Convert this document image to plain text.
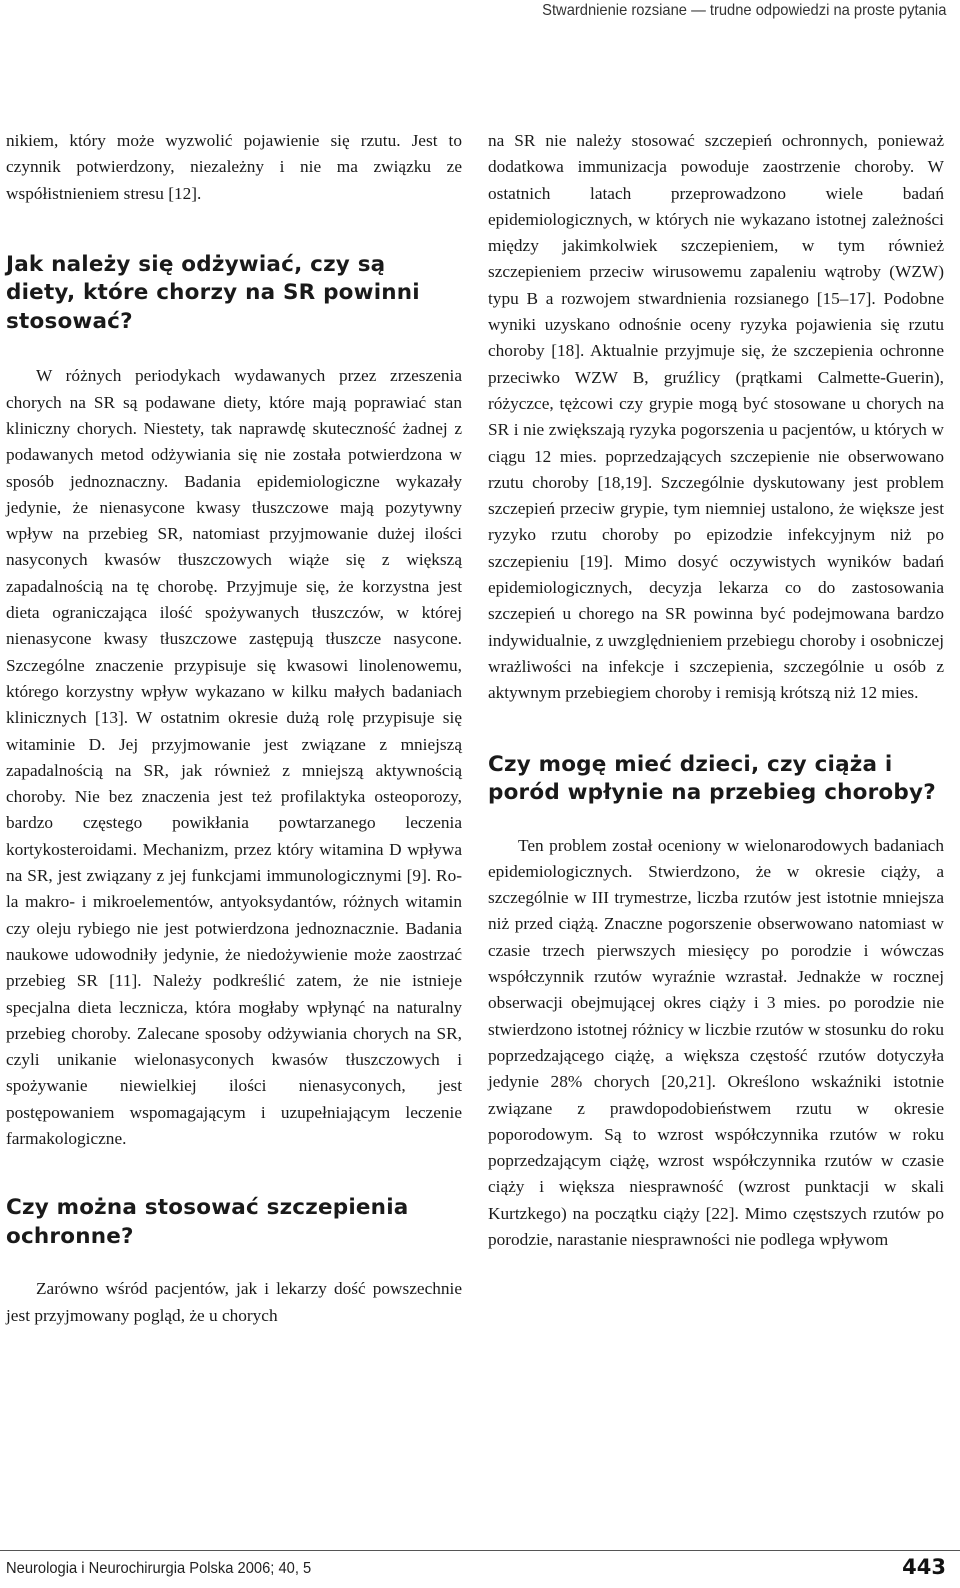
Stwardnienie rozsiane — trudne odpowiedzi na proste pytania

nikiem, który może wyzwolić pojawienie się rzutu. Jest to czynnik potwierdzony, niezależny i nie ma związku ze współistnieniem stresu [12].

Jak należy się odżywiać, czy są diety, które chorzy na SR powinni stosować?

W różnych periodykach wydawanych przez zrzeszenia chorych na SR są podawane diety, które mają poprawiać stan kliniczny chorych. Niestety, tak naprawdę skuteczność żadnej z podawanych metod odżywiania się nie została potwierdzona w sposób jednoznaczny. Badania epidemiologiczne wykazały jedynie, że nienasycone kwasy tłuszczowe mają pozytywny wpływ na przebieg SR, natomiast przyjmowanie dużej ilości nasyconych kwasów tłuszczowych wiąże się z większą zapadalnością na tę chorobę. Przyjmuje się, że korzystna jest dieta ograniczająca ilość spożywanych tłuszczów, w której nienasycone kwasy tłuszczowe zastępują tłuszcze nasycone. Szczególne znaczenie przypisuje się kwasowi linolenowemu, którego korzystny wpływ wykazano w kilku małych badaniach klinicznych [13]. W ostatnim okresie dużą rolę przypisuje się witaminie D. Jej przyjmowanie jest związane z mniejszą zapadalnością na SR, jak również z mniejszą aktywnością choroby. Nie bez znaczenia jest też profilaktyka osteoporozy, bardzo częstego powikłania powtarzanego leczenia kortykosteroidami. Mechanizm, przez który witamina D wpływa na SR, jest związany z jej funkcjami immunologicznymi [9]. Rola makro- i mikroelementów, antyoksydantów, różnych witamin czy oleju rybiego nie jest potwierdzona jednoznacznie. Badania naukowe udowodniły jedynie, że niedożywienie może zaostrzać przebieg SR [11]. Należy podkreślić zatem, że nie istnieje specjalna dieta lecznicza, która mogłaby wpłynąć na naturalny przebieg choroby. Zalecane sposoby odżywiania chorych na SR, czyli unikanie wielonasyconych kwasów tłuszczowych i spożywanie niewielkiej ilości nienasyconych, jest postępowaniem wspomagającym i uzupełniającym leczenie farmakologiczne.

Czy można stosować szczepienia ochronne?

Zarówno wśród pacjentów, jak i lekarzy dość powszechnie jest przyjmowany pogląd, że u chorych

na SR nie należy stosować szczepień ochronnych, ponieważ dodatkowa immunizacja powoduje zaostrzenie choroby. W ostatnich latach przeprowadzono wiele badań epidemiologicznych, w których nie wykazano istotnej zależności między jakimkolwiek szczepieniem, w tym również szczepieniem przeciw wirusowemu zapaleniu wątroby (WZW) typu B a rozwojem stwardnienia rozsianego [15–17]. Podobne wyniki uzyskano odnośnie oceny ryzyka pojawienia się rzutu choroby [18]. Aktualnie przyjmuje się, że szczepienia ochronne przeciwko WZW B, gruźlicy (prątkami Calmette-Guerin), różyczce, tężcowi czy grypie mogą być stosowane u chorych na SR i nie zwiększają ryzyka pogorszenia u pacjentów, u których w ciągu 12 mies. poprzedzających szczepienie nie obserwowano rzutu choroby [18,19]. Szczególnie dyskutowany jest problem szczepień przeciw grypie, tym niemniej ustalono, że większe jest ryzyko rzutu choroby po epizodzie infekcyjnym niż po szczepieniu [19]. Mimo dosyć oczywistych wyników badań epidemiologicznych, decyzja lekarza co do zastosowania szczepień u chorego na SR powinna być podejmowana bardzo indywidualnie, z uwzględnieniem przebiegu choroby i osobniczej wrażliwości na infekcje i szczepienia, szczególnie u osób z aktywnym przebiegiem choroby i remisją krótszą niż 12 mies.

Czy mogę mieć dzieci, czy ciąża i poród wpłynie na przebieg choroby?

Ten problem został oceniony w wielonarodowych badaniach epidemiologicznych. Stwierdzono, że w okresie ciąży, a szczególnie w III trymestrze, liczba rzutów jest istotnie mniejsza niż przed ciążą. Znaczne pogorszenie obserwowano natomiast w czasie trzech pierwszych miesięcy po porodzie i wówczas współczynnik rzutów wyraźnie wzrastał. Jednakże w rocznej obserwacji obejmującej okres ciąży i 3 mies. po porodzie nie stwierdzono istotnej różnicy w liczbie rzutów w stosunku do roku poprzedzającego ciążę, a większa częstość rzutów dotyczyła jedynie 28% chorych [20,21]. Określono wskaźniki istotnie związane z prawdopodobieństwem rzutu w okresie poporodowym. Są to wzrost współczynnika rzutów w roku poprzedzającym ciążę, wzrost współczynnika rzutów w czasie ciąży i większa niesprawność (wzrost punktacji w skali Kurtzkego) na początku ciąży [22]. Mimo częstszych rzutów po porodzie, narastanie niesprawności nie podlega wpływom

Neurologia i Neurochirurgia Polska 2006; 40, 5	443
